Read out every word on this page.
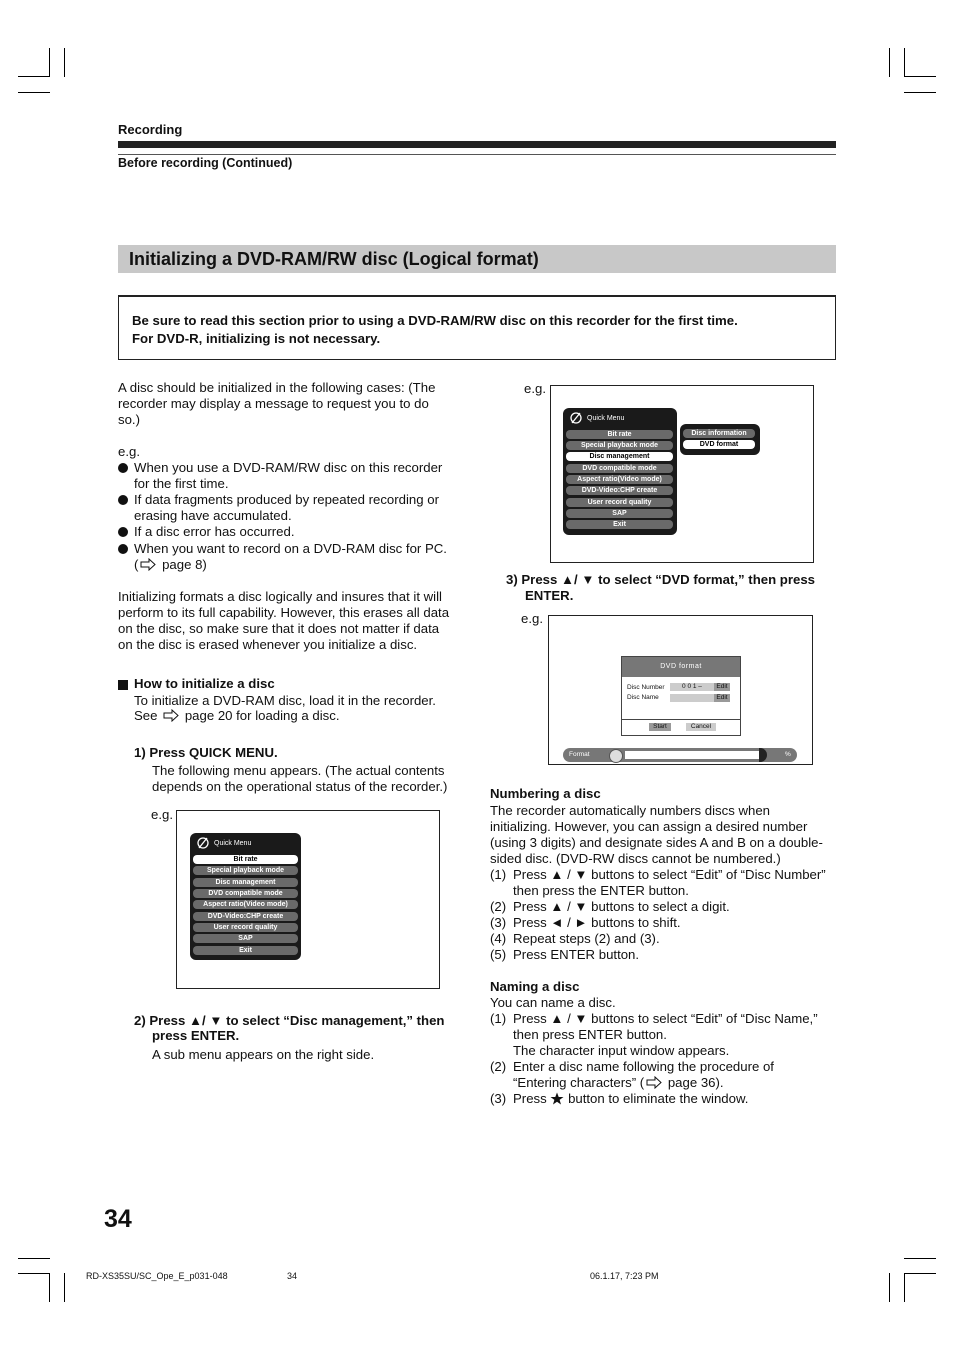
Recording
Before recording (Continued)
Initializing a DVD-RAM/RW disc (Logical format)
Be sure to read this section prior to using a DVD-RAM/RW disc on this recorder for the first time.
For DVD-R, initializing is not necessary.
A disc should be initialized in the following cases: (The
recorder may display a message to request you to do
so.)
e.g.
When you use a DVD-RAM/RW disc on this recorder
for the first time.
If data fragments produced by repeated recording or
erasing have accumulated.
If a disc error has occurred.
When you want to record on a DVD-RAM disc for PC.
( page 8)
Initializing formats a disc logically and insures that it will
perform to its full capability. However, this erases all data
on the disc, so make sure that it does not matter if data
on the disc is erased whenever you initialize a disc.
How to initialize a disc
To initialize a DVD-RAM disc, load it in the recorder.
See page 20 for loading a disc.
1) Press QUICK MENU.
The following menu appears. (The actual contents
depends on the operational status of the recorder.)
e.g.
Quick Menu
Bit rate
Special playback mode
Disc management
DVD compatible mode
Aspect ratio(Video mode)
DVD-Video:CHP create
User record quality
SAP
Exit
2) Press ▲/ ▼ to select “Disc management,” then
press ENTER.
A sub menu appears on the right side.
e.g.
Quick Menu
Bit rate
Special playback mode
Disc management
DVD compatible mode
Aspect ratio(Video mode)
DVD-Video:CHP create
User record quality
SAP
Exit
Disc information
DVD format
3) Press ▲/ ▼ to select “DVD format,” then press
ENTER.
e.g.
DVD format
Disc Number	0 0 1 –	Edit
Disc Name	Edit
Start	Cancel
Format	%
Numbering a disc
The recorder automatically numbers discs when
initializing. However, you can assign a desired number
(using 3 digits) and designate sides A and B on a double-
sided disc. (DVD-RW discs cannot be numbered.)
(1) Press ▲ / ▼ buttons to select “Edit” of “Disc Number”
then press the ENTER button.
(2) Press ▲ / ▼ buttons to select a digit.
(3) Press ◄ / ► buttons to shift.
(4) Repeat steps (2) and (3).
(5) Press ENTER button.
Naming a disc
You can name a disc.
(1) Press ▲ / ▼ buttons to select “Edit” of “Disc Name,”
then press ENTER button.
The character input window appears.
(2) Enter a disc name following the procedure of
“Entering characters” ( page 36).
(3) Press button to eliminate the window.
34
RD-XS35SU/SC_Ope_E_p031-048	34	06.1.17, 7:23 PM
